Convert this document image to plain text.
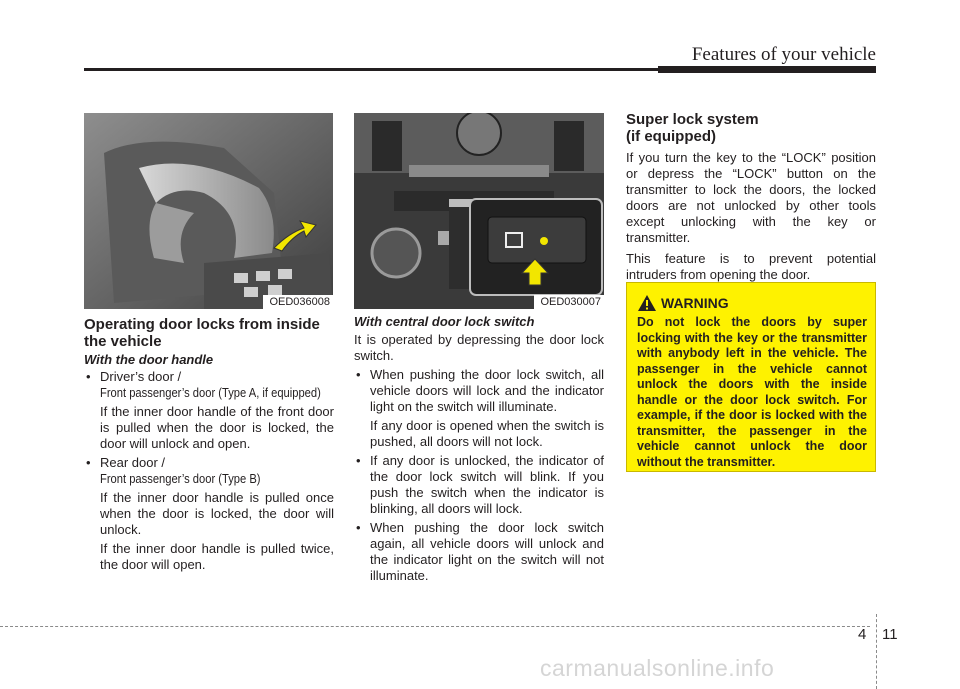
Features of your vehicle
OED036008	OED030007
Operating door locks from inside
the vehicle
With the door handle
• Driver’s door /
Front passenger’s door (Type A, if equipped)

If the inner door handle of the front door is pulled when the door is locked, the door will unlock and open.

• Rear door /
Front passenger’s door (Type B)

If the inner door handle is pulled once when the door is locked, the door will unlock.

If the inner door handle is pulled twice, the door will open.

With central door lock switch

It is operated by depressing the door lock switch.

• When pushing the door lock switch, all vehicle doors will lock and the indicator light on the switch will illuminate.

If any door is opened when the switch is pushed, all doors will not lock.

• If any door is unlocked, the indicator of the door lock switch will blink. If you push the switch when the indicator is blinking, all doors will lock.
• When pushing the door lock switch again, all vehicle doors will unlock and the indicator light on the switch will not illuminate.
Super lock system
(if equipped)

If you turn the key to the “LOCK” position or depress the “LOCK” button on the transmitter to lock the doors, the locked doors are not unlocked by other tools except unlocking with the key or transmitter.

This feature is to prevent potential intruders from opening the door.

WARNING
Do not lock the doors by super locking with the key or the transmitter with anybody left in the vehicle. The passenger in the vehicle cannot unlock the doors with the inside handle or the door lock switch. For example, if the door is locked with the transmitter, the passenger in the vehicle cannot unlock the door without the transmitter.
4 11
carmanualsonline.info
